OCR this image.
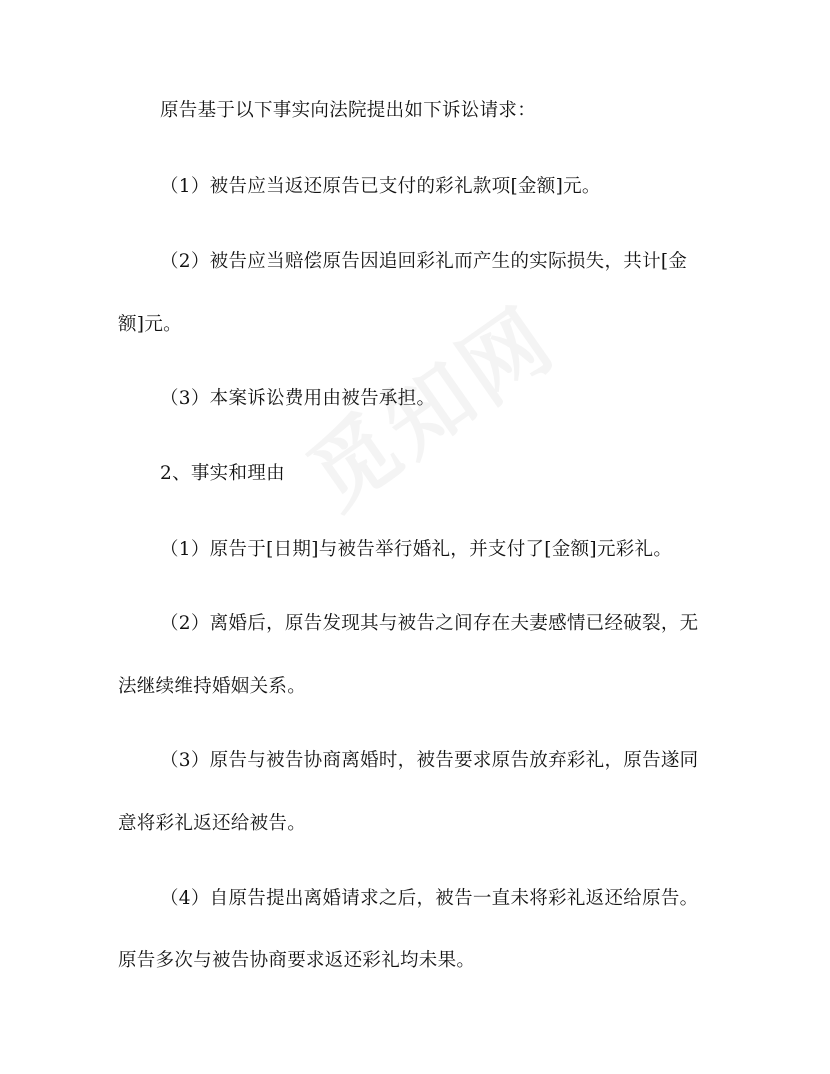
原告基于以下事实向法院提出如下诉讼请求：
（1）被告应当返还原告已支付的彩礼款项[金额]元。
（2）被告应当赔偿原告因追回彩礼而产生的实际损失，共计[金
额]元。
（3）本案诉讼费用由被告承担。
2、事实和理由
（1）原告于[日期]与被告举行婚礼，并支付了[金额]元彩礼。
（2）离婚后，原告发现其与被告之间存在夫妻感情已经破裂，无
法继续维持婚姻关系。
（3）原告与被告协商离婚时，被告要求原告放弃彩礼，原告遂同
意将彩礼返还给被告。
（4）自原告提出离婚请求之后，被告一直未将彩礼返还给原告。
原告多次与被告协商要求返还彩礼均未果。
